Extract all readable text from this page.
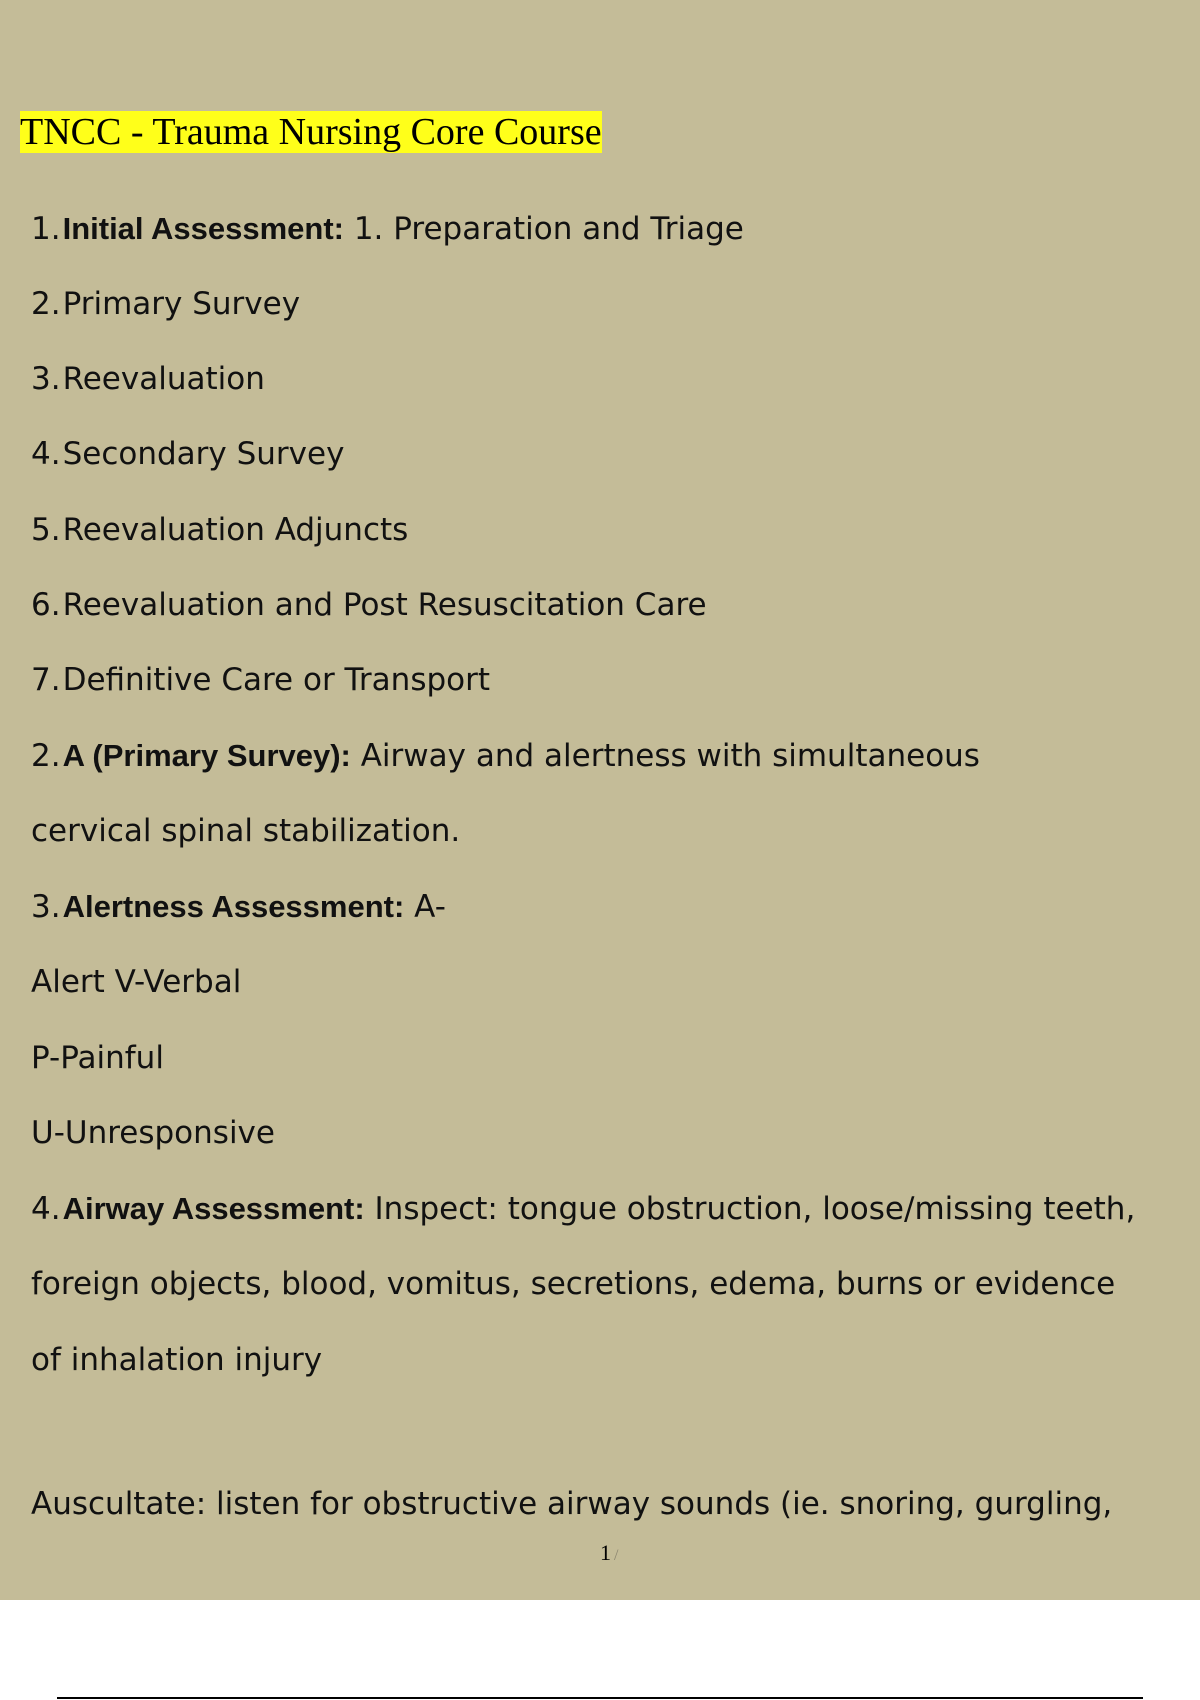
TNCC - Trauma Nursing Core Course

1.Initial Assessment: 1. Preparation and Triage

2.Primary Survey

3.Reevaluation

4.Secondary Survey

5.Reevaluation Adjuncts

6.Reevaluation and Post Resuscitation Care

7.Definitive Care or Transport

2.A (Primary Survey): Airway and alertness with simultaneous

cervical spinal stabilization.

3.Alertness Assessment: A-

Alert V-Verbal

P-Painful

U-Unresponsive

4.Airway Assessment: Inspect: tongue obstruction, loose/missing teeth,

foreign objects, blood, vomitus, secretions, edema, burns or evidence

of inhalation injury

Auscultate: listen for obstructive airway sounds (ie. snoring, gurgling,

1 /
